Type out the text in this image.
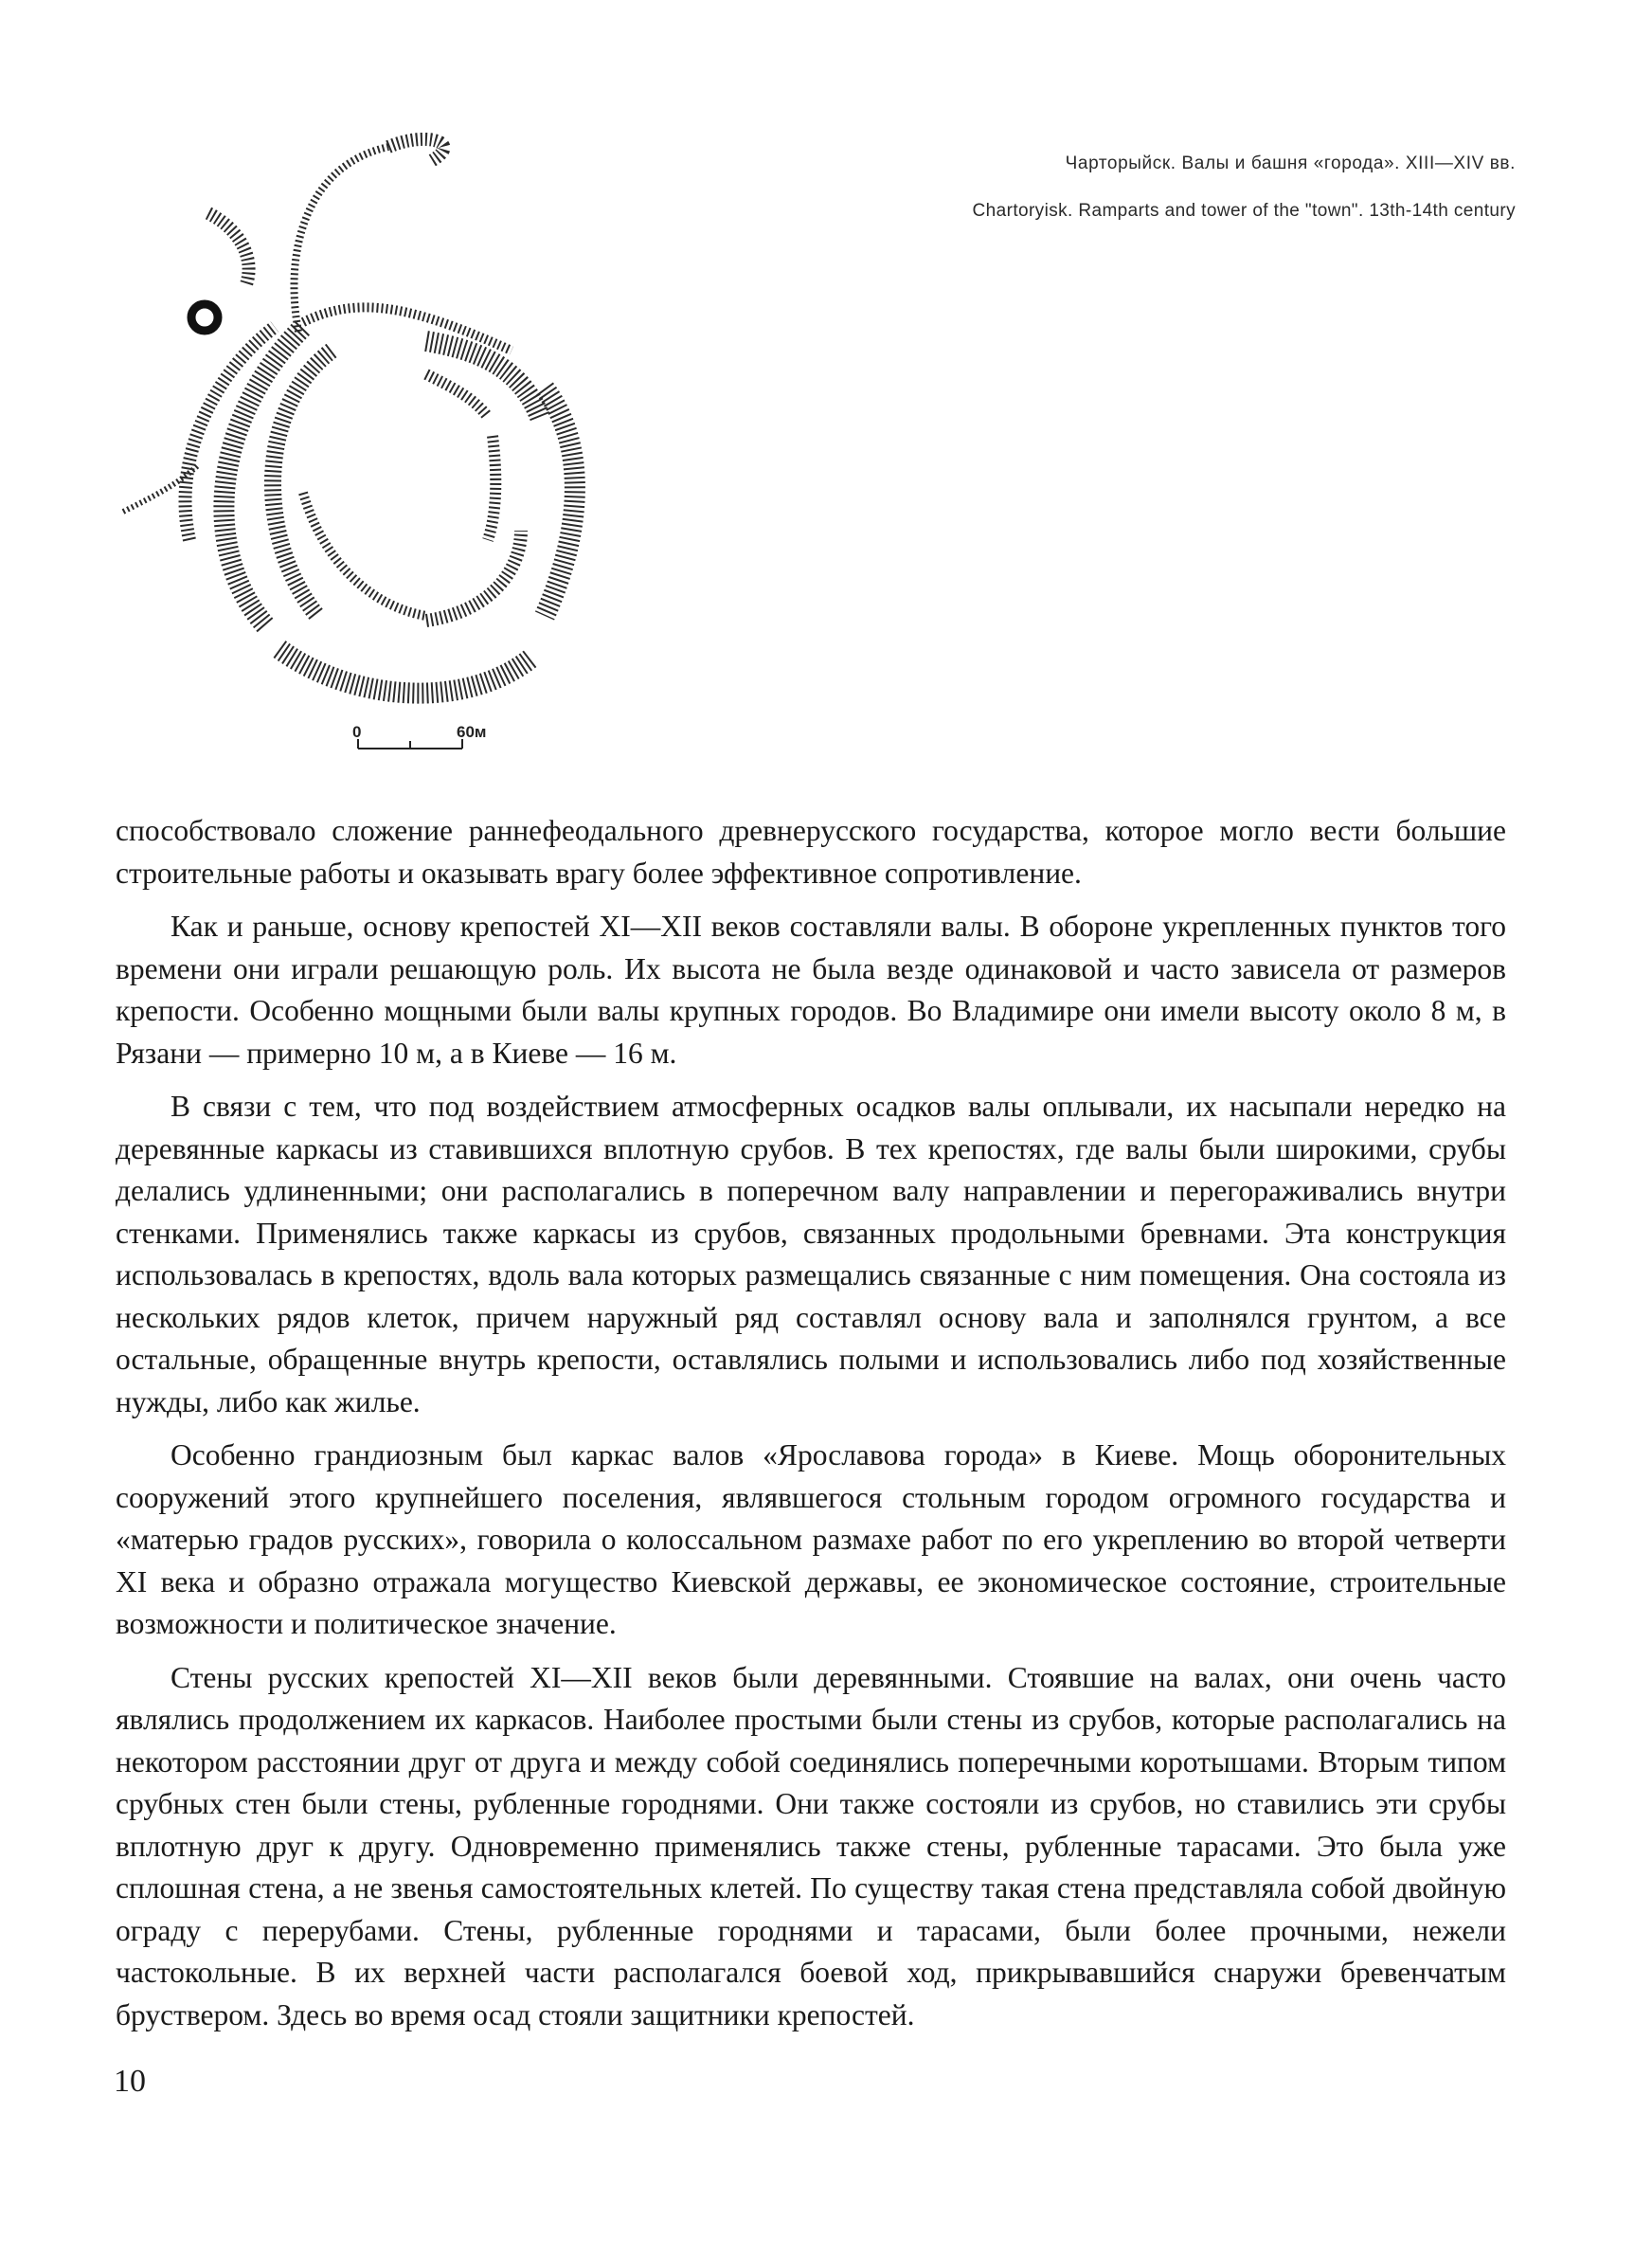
0	60м

Чарторыйск. Валы и башня «города». XIII—XIV вв.

Chartoryisk. Ramparts and tower of the "town". 13th-14th century

способствовало сложение раннефеодального древнерусского государства, которое могло вести большие строительные работы и оказывать врагу более эффективное сопротивление.

Как и раньше, основу крепостей XI—XII веков составляли валы. В обороне укрепленных пунктов того времени они играли решающую роль. Их высота не была везде одинаковой и часто зависела от размеров крепости. Особенно мощными были валы крупных городов. Во Владимире они имели высоту около 8 м, в Рязани — примерно 10 м, а в Киеве — 16 м.

В связи с тем, что под воздействием атмосферных осадков валы оплывали, их насыпали нередко на деревянные каркасы из ставившихся вплотную срубов. В тех крепостях, где валы были широкими, срубы делались удлиненными; они располагались в поперечном валу направлении и перегораживались внутри стенками. Применялись также каркасы из срубов, связанных продольными бревнами. Эта конструкция использовалась в крепостях, вдоль вала которых размещались связанные с ним помещения. Она состояла из нескольких рядов клеток, причем наружный ряд составлял основу вала и заполнялся грунтом, а все остальные, обращенные внутрь крепости, оставлялись полыми и использовались либо под хозяйственные нужды, либо как жилье.

Особенно грандиозным был каркас валов «Ярославова города» в Киеве. Мощь оборонительных сооружений этого крупнейшего поселения, являвшегося стольным городом огромного государства и «матерью градов русских», говорила о колоссальном размахе работ по его укреплению во второй четверти XI века и образно отражала могущество Киевской державы, ее экономическое состояние, строительные возможности и политическое значение.

Стены русских крепостей XI—XII веков были деревянными. Стоявшие на валах, они очень часто являлись продолжением их каркасов. Наиболее простыми были стены из срубов, которые располагались на некотором расстоянии друг от друга и между собой соединялись поперечными коротышами. Вторым типом срубных стен были стены, рубленные городнями. Они также состояли из срубов, но ставились эти срубы вплотную друг к другу. Одновременно применялись также стены, рубленные тарасами. Это была уже сплошная стена, а не звенья самостоятельных клетей. По существу такая стена представляла собой двойную ограду с перерубами. Стены, рубленные городнями и тарасами, были более прочными, нежели частокольные. В их верхней части располагался боевой ход, прикрывавшийся снаружи бревенчатым бруствером. Здесь во время осад стояли защитники крепостей.

10
